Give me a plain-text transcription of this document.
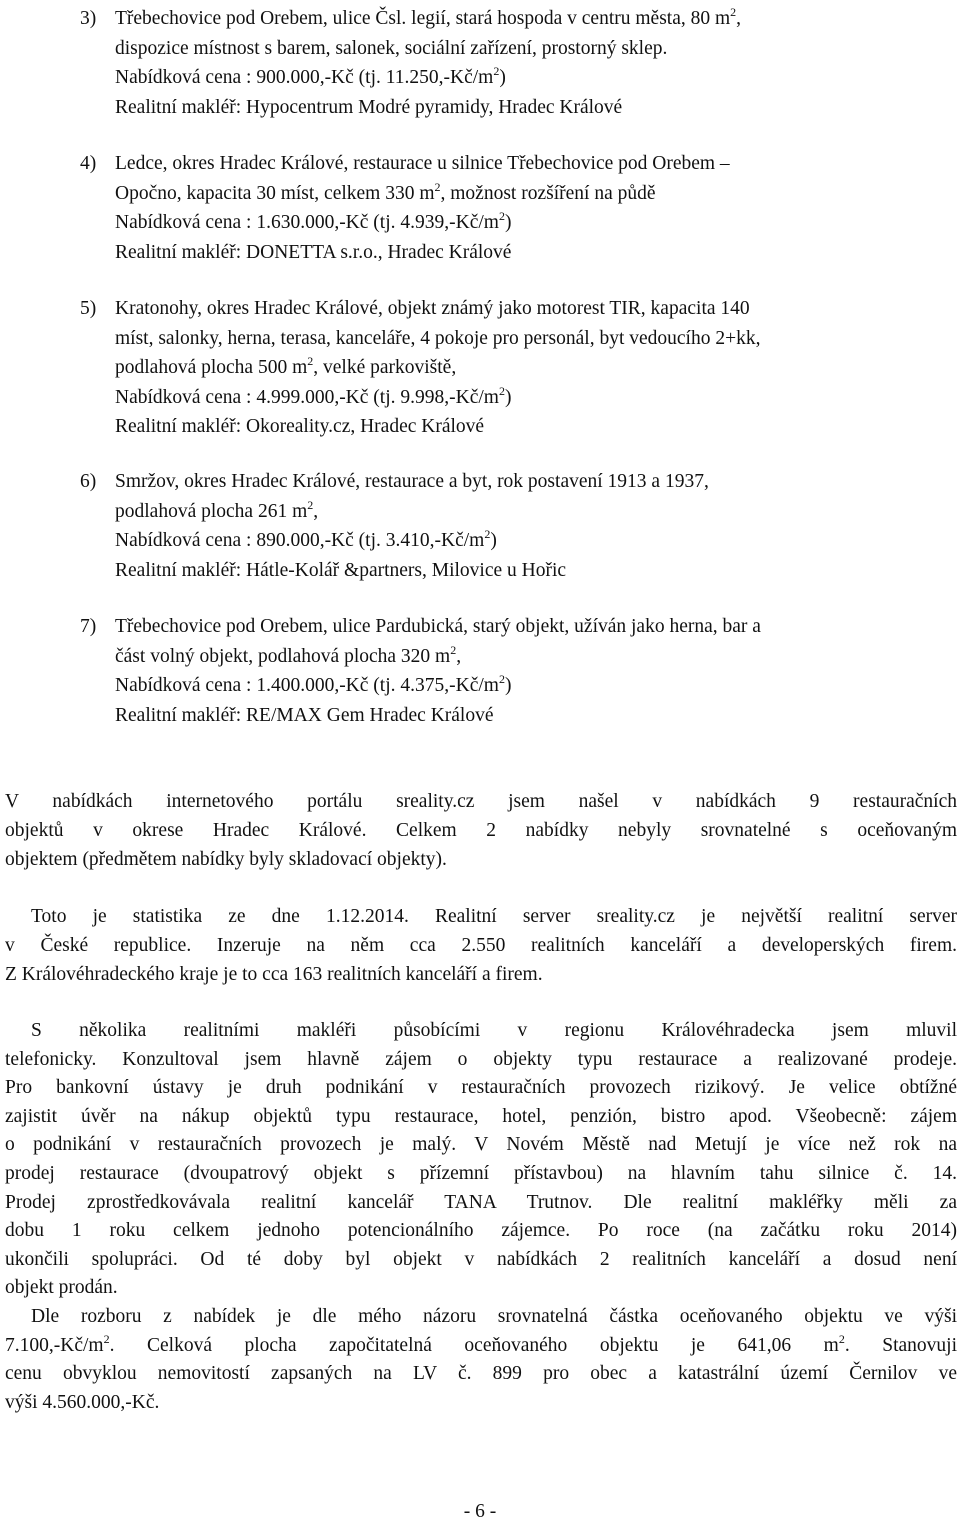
3) Třebechovice pod Orebem, ulice Čsl. legií, stará hospoda v centru města, 80 $m^2$,
dispozice místnost s barem, salonek, sociální zařízení, prostorný sklep.
Nabídková cena : 900.000,-Kč (tj. $11.250,-Kč/m^2$)
Realitní makléř: Hypocentrum Modré pyramidy, Hradec Králové
4) Ledce, okres Hradec Králové, restaurace u silnice Třebechovice pod Orebem –
Opočno, kapacita 30 míst, celkem 330 $m^2$, možnost rozšíření na půdě
Nabídková cena : 1.630.000,-Kč (tj. $4.939,-Kč/m^2$)
Realitní makléř: DONETTA s.r.o., Hradec Králové
5) Kratonohy, okres Hradec Králové, objekt známý jako motorest TIR, kapacita 140
míst, salonky, herna, terasa, kanceláře, 4 pokoje pro personál, byt vedoucího 2+kk,
podlahová plocha 500 $m^2$, velké parkoviště,
Nabídková cena : 4.999.000,-Kč (tj. $9.998,-Kč/m^2$)
Realitní makléř: Okoreality.cz, Hradec Králové
6) Smržov, okres Hradec Králové, restaurace a byt, rok postavení 1913 a 1937,
podlahová plocha 261 $m^2$,
Nabídková cena : 890.000,-Kč (tj. $3.410,-Kč/m^2$)
Realitní makléř: Hátle-Kolář &partners, Milovice u Hořic
7) Třebechovice pod Orebem, ulice Pardubická, starý objekt, užíván jako herna, bar a
část volný objekt, podlahová plocha 320 $m^2$,
Nabídková cena : 1.400.000,-Kč (tj. $4.375,-Kč/m^2$)
Realitní makléř: RE/MAX Gem Hradec Králové
V nabídkách internetového portálu sreality.cz jsem našel v nabídkách 9 restauračních
objektů v okrese Hradec Králové. Celkem 2 nabídky nebyly srovnatelné s oceňovaným
objektem (předmětem nabídky byly skladovací objekty).
Toto je statistika ze dne 1.12.2014. Realitní server sreality.cz je největší realitní server
v České republice. Inzeruje na něm cca 2.550 realitních kanceláří a developerských firem.
Z Královéhradeckého kraje je to cca 163 realitních kanceláří a firem.
S několika realitními makléři působícími v regionu Královéhradecka jsem mluvil
telefonicky. Konzultoval jsem hlavně zájem o objekty typu restaurace a realizované prodeje.
Pro bankovní ústavy je druh podnikání v restauračních provozech rizikový. Je velice obtížné
zajistit úvěr na nákup objektů typu restaurace, hotel, penzión, bistro apod. Všeobecně: zájem
o podnikání v restauračních provozech je malý. V Novém Městě nad Metují je více než rok na
prodej restaurace (dvoupatrový objekt s přízemní přístavbou) na hlavním tahu silnice č. 14.
Prodej zprostředkovávala realitní kancelář TANA Trutnov. Dle realitní makléřky měli za
dobu 1 roku celkem jednoho potencionálního zájemce. Po roce (na začátku roku 2014)
ukončili spolupráci. Od té doby byl objekt v nabídkách 2 realitních kanceláří a dosud není
objekt prodán.
Dle rozboru z nabídek je dle mého názoru srovnatelná částka oceňovaného objektu ve výši
$7.100,-Kč/m^2$. Celková plocha započitatelná oceňovaného objektu je 641,06 $m^2$. Stanovuji
cenu obvyklou nemovitostí zapsaných na LV č. 899 pro obec a katastrální území Černilov ve
výši 4.560.000,-Kč.
- 6 -
